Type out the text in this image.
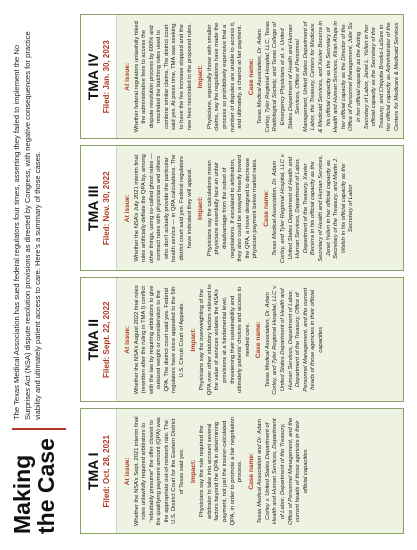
Making the Case
The Texas Medical Association has sued federal regulators four times, asserting they failed to implement the No Surprises Act (NSA) dispute resolution provisions as directed by Congress, with negative consequences for practice viability and ultimately patient access to care. Here’s a summary of those cases.
TMA I Filed: Oct. 28, 2021 At issue: Whether the NSA’s Sept. 2021 interim final rules unlawfully required arbitrators to “rebuttably presume” the offer closest to the qualifying payment amount (QPA) was the appropriate out-of-network rate. The U.S. District Court for the Eastern District of Texas said yes. Impact: Physicians say the rule required the arbitrator to take into account several factors beyond the QPA in determining payment, not just the insurer-calculated QPA, in order to promote a fair negotiation process. Case name: Texas Medical Association and Dr. Adam Corley v. United States Department of Health and Human Services, Department of Labor, Department of the Treasury, Office of Personnel Management, and the current heads of those agencies in their official capacities
TMA II Filed: Sept. 22, 2022 At issue: Whether the NSA’s August 2022 final rules (rewritten after the ruling in TMA I) conflict with the law by requiring arbitrators to give outsized weight or consideration to the QPA. The district court said yes. Federal regulators have since appealed to the 5th U.S. Circuit Court of Appeals. Impact: Physicians say the overweighting of the QPA over other statutory factors relevant to the value of services violates the NSA’s provisions at a fundamental level, threatening their sustainability and ultimately patients’ choices and access to needed care. Case name: Texas Medical Association, Dr. Adam Corley, and Tyler Regional Hospital, LLC v. United States Department of Health and Human Services, Department of Labor, Department of the Treasury, Office of Personnel Management, and the current heads of those agencies in their official capacities
TMA III Filed: Nov. 30, 2022 At issue: Whether the NSA’s July 2021 interim final rules artificially deflate the QPA by, among other things, using so-called ghost rates — contract rates with physicians and others who don’t actually provide the particular health service — in QPA calculations. The district court said yes. Federal regulators have indicated they will appeal. Impact: Physicians say the calculations mean physicians essentially face an unfair disadvantage from the outset of negotiations. If escalated to arbitration, they also could be swayed heavily toward the QPA, a move designed to decrease physician payment below market rates. Case name: Texas Medical Association, Dr. Adam Corley, and Tyler Regional Hospital, LLC v. United States Department of Health and Human Services, Department of Labor, Department of the Treasury, Xavier Becerra in his official capacity as the Secretary of Health and Human Services, Janet Yellen in her official capacity as Secretary of the Treasury, and Martin J. Walsh in his official capacity as the Secretary of Labor
TMA IV Filed: Jan. 30, 2023 At issue: Whether federal regulators unlawfully hiked the administrative fees to access the dispute resolution process by 600% and rescinded the batching rules used to combine similar claims. The district court said yes. At press time, TMA was seeking to have the fee increase stopped and the new fees rescinded in the proposed rules. Impact: Physicians, especially those with smaller claims, say the regulations have made the process so prohibitively expensive that a number of disputes are unable to access it, and ultimately, a chance at fair payment. Case name: Texas Medical Association, Dr. Adam Corley, Tyler Regional Hospital, LLC, Texas Radiological Society, and Texas College of Emergency Physicians et al. v. United States Department of Health and Human Services, Office of Personnel Management, United States Department of Labor, the Treasury, Centers for Medicare & Medicaid Services, and Xavier Becerra in his official capacity as the Secretary of Health and Human Services, Kiran Ahuja in her official capacity as the Director of the Office of Personnel Management, Julie Su in her official capacity as the Acting Secretary of Labor, Janet L. Yellen in her official capacity as the Secretary of the Treasury, and Chiquita Brooks-LaSure in her official capacity as Administrator of the Centers for Medicare & Medicaid Services
